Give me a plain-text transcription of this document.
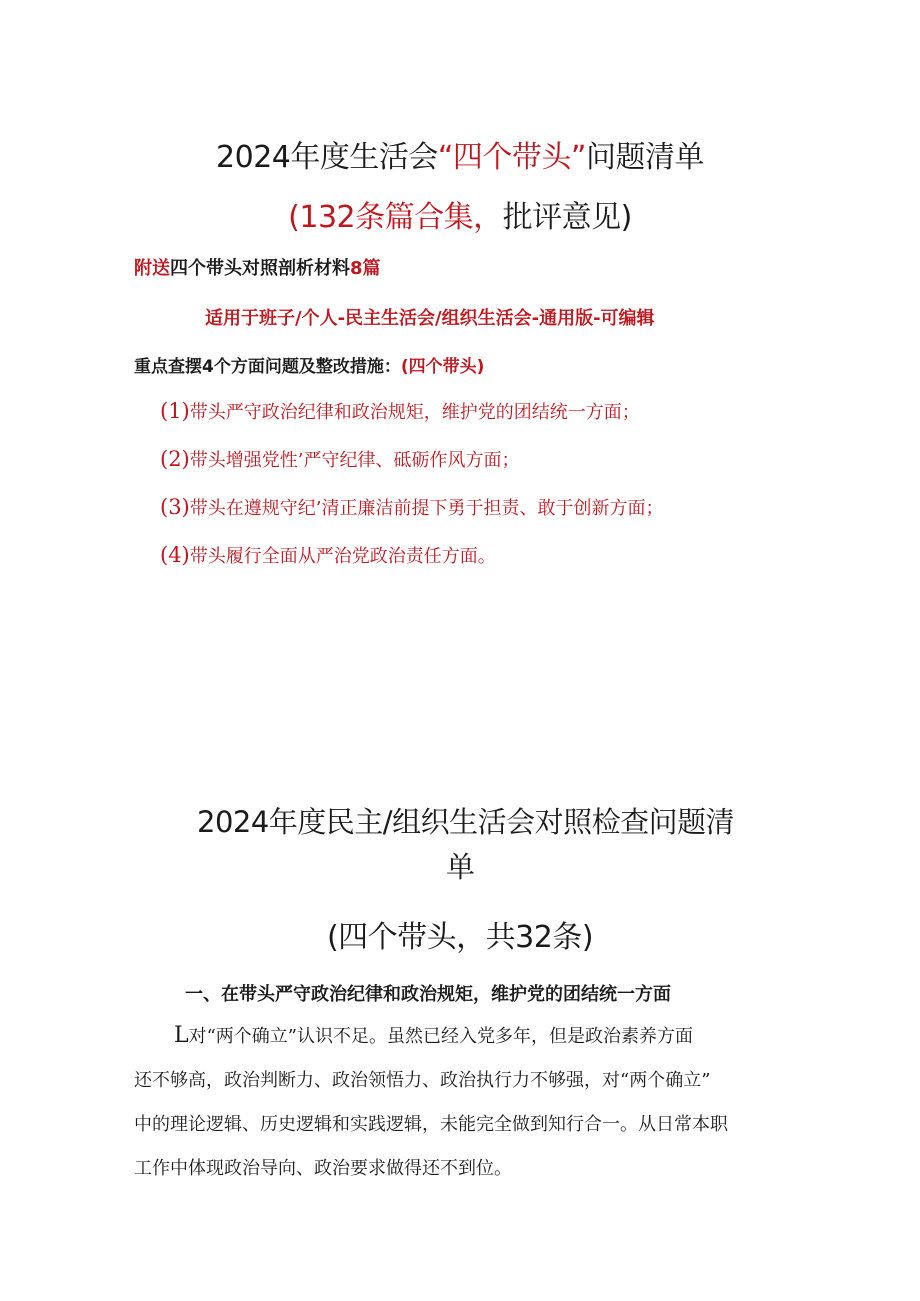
2024年度生活会“四个带头”问题清单
(132条篇合集，批评意见)
附送四个带头对照剖析材料8篇
适用于班子/个人-民主生活会/组织生活会-通用版-可编辑
重点查摆4个方面问题及整改措施：(四个带头)
(1)带头严守政治纪律和政治规矩，维护党的团结统一方面；
(2)带头增强党性’严守纪律、砥砺作风方面；
(3)带头在遵规守纪’清正廉洁前提下勇于担责、敢于创新方面；
(4)带头履行全面从严治党政治责任方面。
2024年度民主/组织生活会对照检查问题清
单
(四个带头，共32条)
一、在带头严守政治纪律和政治规矩，维护党的团结统一方面
L对“两个确立”认识不足。虽然已经入党多年，但是政治素养方面
还不够高，政治判断力、政治领悟力、政治执行力不够强，对“两个确立”
中的理论逻辑、历史逻辑和实践逻辑，未能完全做到知行合一。从日常本职
工作中体现政治导向、政治要求做得还不到位。
